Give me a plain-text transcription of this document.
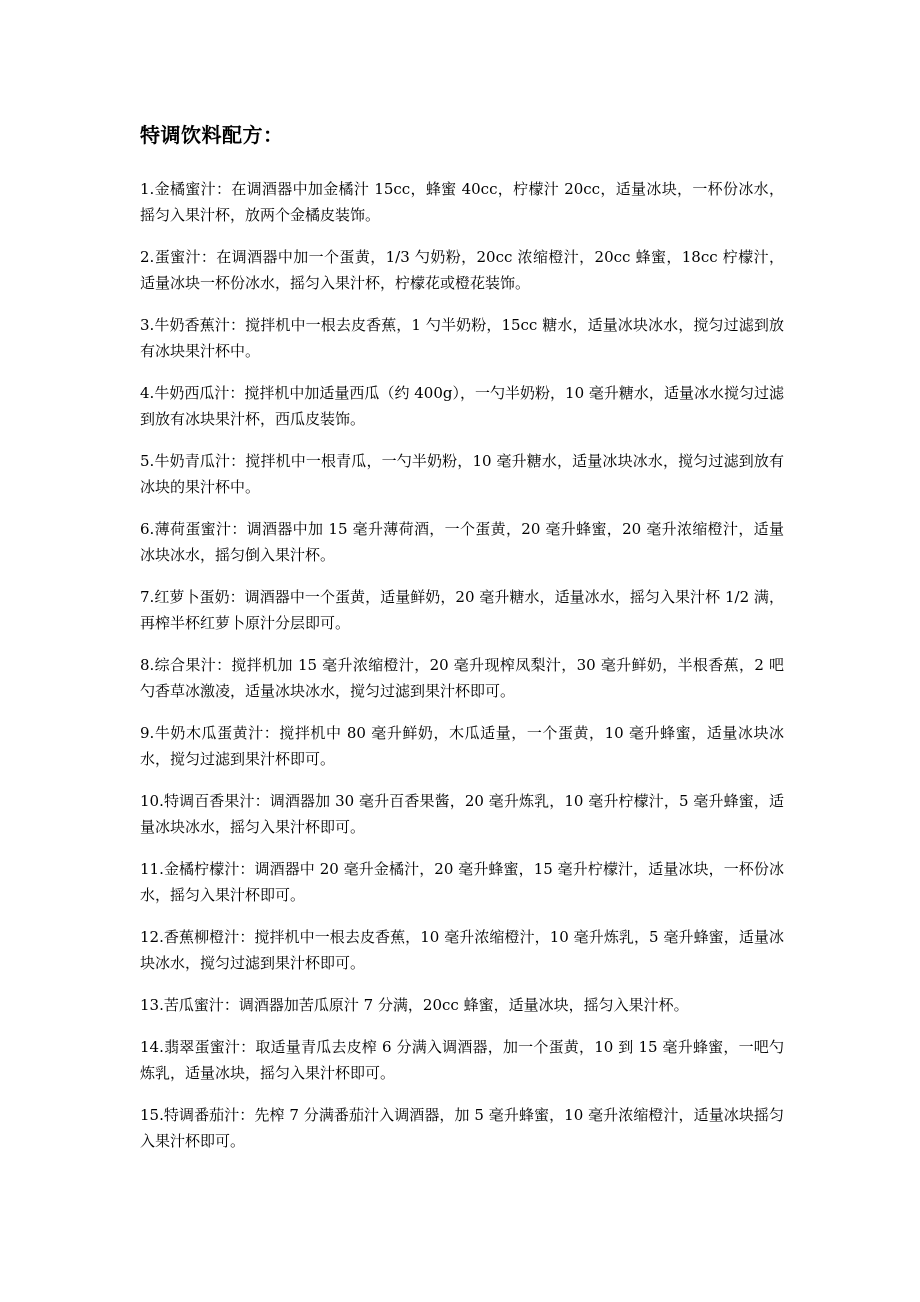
特调饮料配方：
1.金橘蜜汁：在调酒器中加金橘汁 15cc，蜂蜜 40cc，柠檬汁 20cc，适量冰块，一杯份冰水，摇匀入果汁杯，放两个金橘皮装饰。
2.蛋蜜汁：在调酒器中加一个蛋黄，1/3 勺奶粉，20cc 浓缩橙汁，20cc 蜂蜜，18cc 柠檬汁，适量冰块一杯份冰水，摇匀入果汁杯，柠檬花或橙花装饰。
3.牛奶香蕉汁：搅拌机中一根去皮香蕉，1 勺半奶粉，15cc 糖水，适量冰块冰水，搅匀过滤到放有冰块果汁杯中。
4.牛奶西瓜汁：搅拌机中加适量西瓜（约 400g），一勺半奶粉，10 毫升糖水，适量冰水搅匀过滤到放有冰块果汁杯，西瓜皮装饰。
5.牛奶青瓜汁：搅拌机中一根青瓜，一勺半奶粉，10 毫升糖水，适量冰块冰水，搅匀过滤到放有冰块的果汁杯中。
6.薄荷蛋蜜汁：调酒器中加 15 毫升薄荷酒，一个蛋黄，20 毫升蜂蜜，20 毫升浓缩橙汁，适量冰块冰水，摇匀倒入果汁杯。
7.红萝卜蛋奶：调酒器中一个蛋黄，适量鲜奶，20 毫升糖水，适量冰水，摇匀入果汁杯 1/2 满，再榨半杯红萝卜原汁分层即可。
8.综合果汁：搅拌机加 15 毫升浓缩橙汁，20 毫升现榨凤梨汁，30 毫升鲜奶，半根香蕉，2 吧勺香草冰激凌，适量冰块冰水，搅匀过滤到果汁杯即可。
9.牛奶木瓜蛋黄汁：搅拌机中 80 毫升鲜奶，木瓜适量，一个蛋黄，10 毫升蜂蜜，适量冰块冰水，搅匀过滤到果汁杯即可。
10.特调百香果汁：调酒器加 30 毫升百香果酱，20 毫升炼乳，10 毫升柠檬汁，5 毫升蜂蜜，适量冰块冰水，摇匀入果汁杯即可。
11.金橘柠檬汁：调酒器中 20 毫升金橘汁，20 毫升蜂蜜，15 毫升柠檬汁，适量冰块，一杯份冰水，摇匀入果汁杯即可。
12.香蕉柳橙汁：搅拌机中一根去皮香蕉，10 毫升浓缩橙汁，10 毫升炼乳，5 毫升蜂蜜，适量冰块冰水，搅匀过滤到果汁杯即可。
13.苦瓜蜜汁：调酒器加苦瓜原汁 7 分满，20cc 蜂蜜，适量冰块，摇匀入果汁杯。
14.翡翠蛋蜜汁：取适量青瓜去皮榨 6 分满入调酒器，加一个蛋黄，10 到 15 毫升蜂蜜，一吧勺炼乳，适量冰块，摇匀入果汁杯即可。
15.特调番茄汁：先榨 7 分满番茄汁入调酒器，加 5 毫升蜂蜜，10 毫升浓缩橙汁，适量冰块摇匀入果汁杯即可。
